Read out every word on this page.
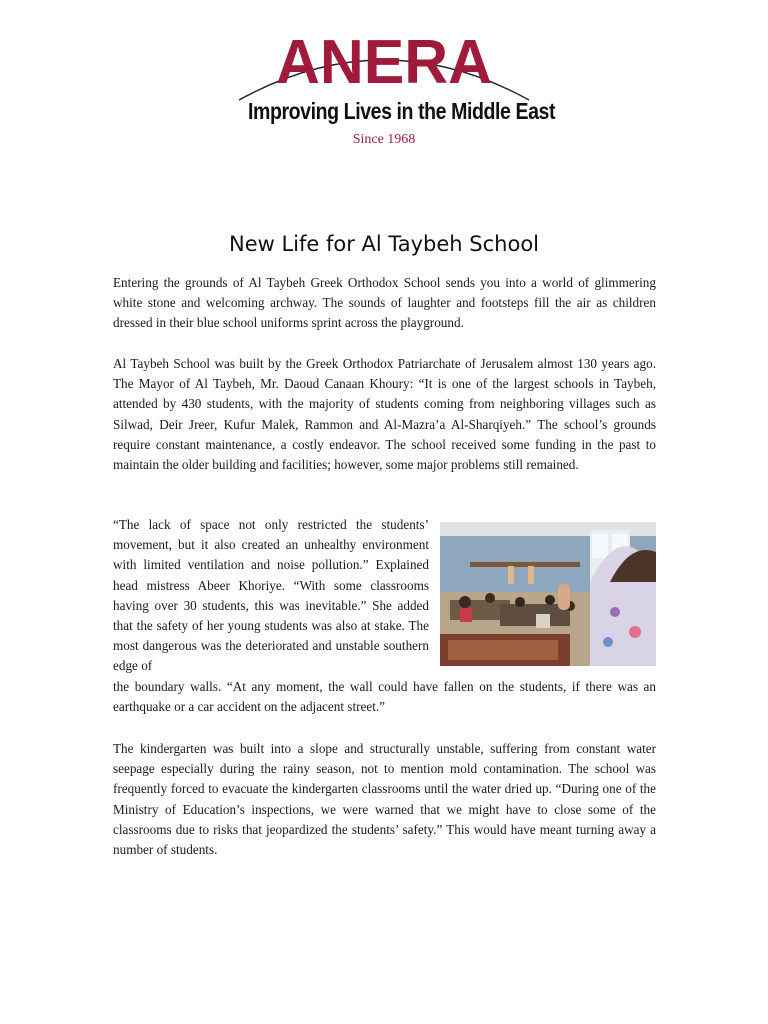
ANERA
Improving Lives in the Middle East
Since 1968
New Life for Al Taybeh School

Entering the grounds of Al Taybeh Greek Orthodox School sends you into a world of glimmering white stone and welcoming archway. The sounds of laughter and footsteps fill the air as children dressed in their blue school uniforms sprint across the playground.

Al Taybeh School was built by the Greek Orthodox Patriarchate of Jerusalem almost 130 years ago. The Mayor of Al Taybeh, Mr. Daoud Canaan Khoury: “It is one of the largest schools in Taybeh, attended by 430 students, with the majority of students coming from neighboring villages such as Silwad, Deir Jreer, Kufur Malek, Rammon and Al-Mazra’a Al-Sharqiyeh.” The school’s grounds require constant maintenance, a costly endeavor. The school received some funding in the past to maintain the older building and facilities; however, some major problems still remained.

“The lack of space not only restricted the students’ movement, but it also created an unhealthy environment with limited ventilation and noise pollution.” Explained head mistress Abeer Khoriye. “With some classrooms having over 30 students, this was inevitable.” She added that the safety of her young students was also at stake. The most dangerous was the deteriorated and unstable southern edge of

The kindergarten was built into a slope and structurally unstable, suffering from constant water seepage especially during the rainy season, not to mention mold contamination. The school was frequently forced to evacuate the kindergarten classrooms until the water dried up. “During one of the Ministry of Education’s inspections, we were warned that we might have to close some of the classrooms due to risks that jeopardized the students’ safety.” This would have meant turning away a number of students.

the boundary walls. “At any moment, the wall could have fallen on the students, if there was an earthquake or a car accident on the adjacent street.”
